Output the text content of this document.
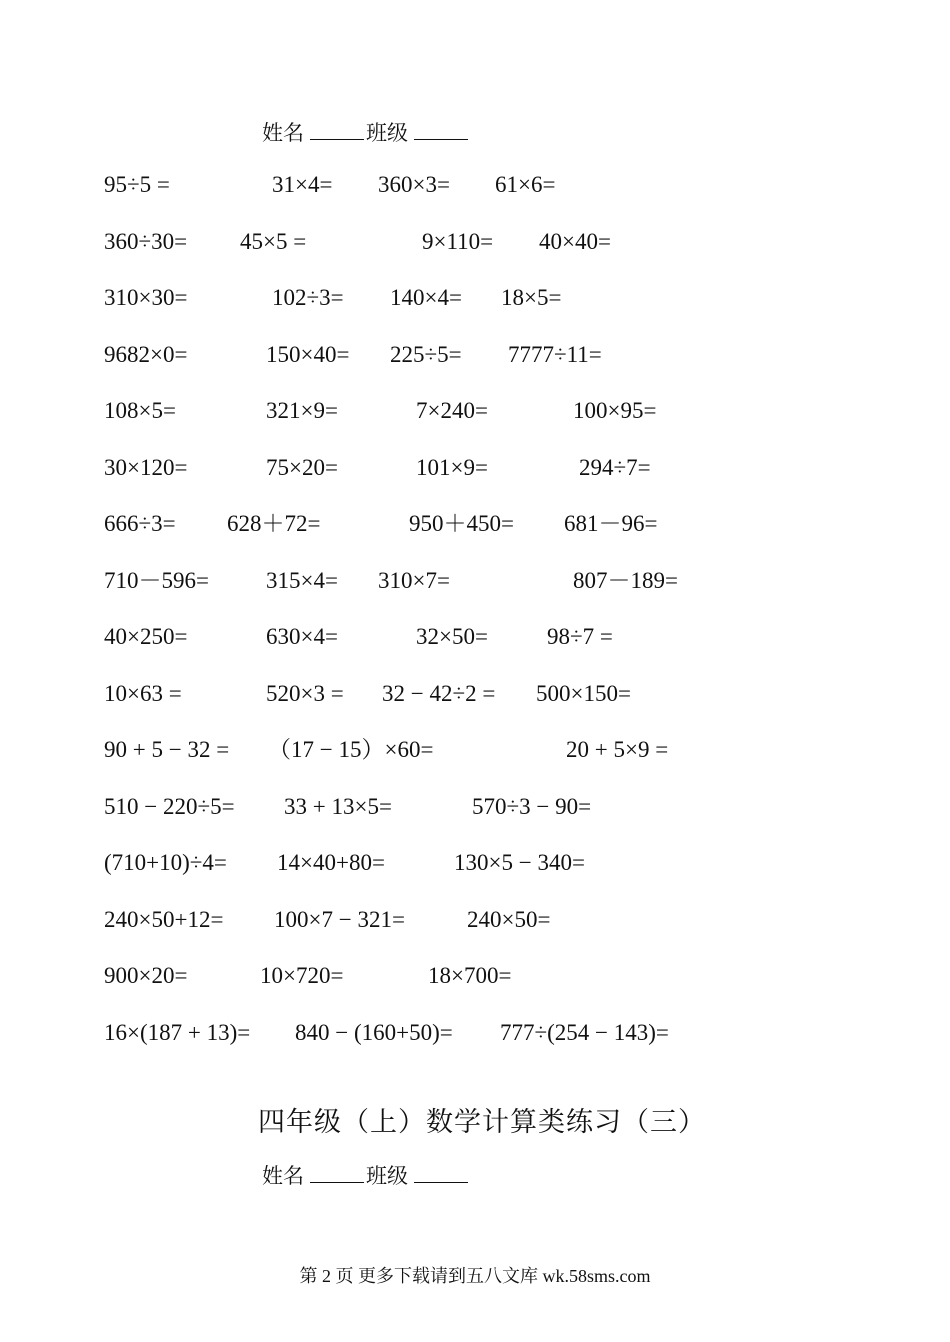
姓名	班级
95÷5 =	31×4= 360×3= 61×6=
360÷30= 45×5 =	9×110= 40×40=
310×30=	102÷3= 140×4= 18×5=
9682×0=	150×40= 225÷5= 7777÷11=
108×5=	321×9=	7×240=	100×95=
30×120=	75×20=	101×9=	294÷7=
666÷3= 628＋72=	950＋450= 681－96=
710－596= 315×4= 310×7=	807－189=
40×250=	630×4=	32×50=	98÷7 =
10×63 =	520×3 = 32 − 42÷2 = 500×150=
90 + 5 − 32 = （17 − 15）×60=	20 + 5×9 =
510 − 220÷5= 33 + 13×5=	570÷3 − 90=
(710+10)÷4= 14×40+80=	130×5 − 340=
240×50+12= 100×7 − 321=	240×50=
900×20=	10×720=	18×700=
16×(187 + 13)= 840 − (160+50)= 777÷(254 − 143)=
四年级（上）数学计算类练习（三）
姓名	班级
第 2 页 更多下载请到五八文库 wk.58sms.com
